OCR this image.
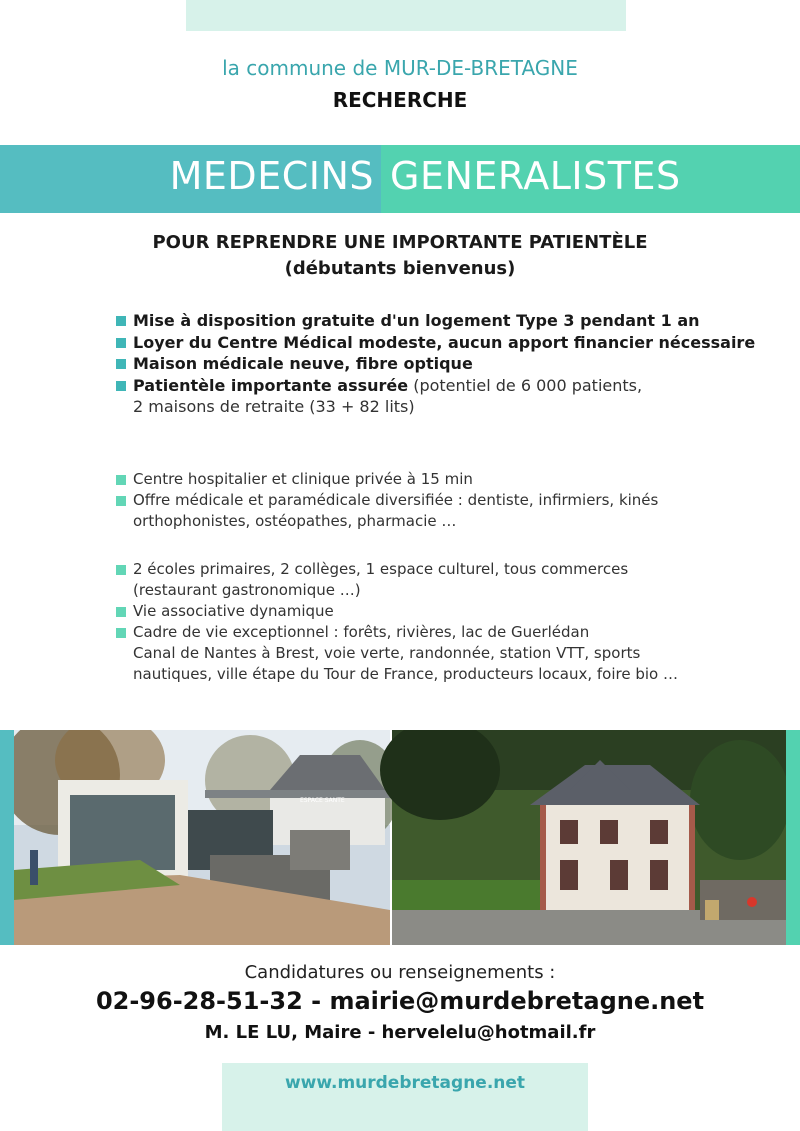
la commune de MUR-DE-BRETAGNE
RECHERCHE
MEDECINS GENERALISTES
POUR REPRENDRE UNE IMPORTANTE PATIENTÈLE
(débutants bienvenus)
Mise à disposition gratuite d'un logement Type 3 pendant 1 an
Loyer du Centre Médical modeste, aucun apport financier nécessaire
Maison médicale neuve, fibre optique
Patientèle importante assurée (potentiel de 6 000 patients,
2 maisons de retraite (33 + 82 lits)
Centre hospitalier et clinique privée à 15 min
Offre médicale et paramédicale diversifiée : dentiste, infirmiers, kinés
orthophonistes, ostéopathes, pharmacie …
2 écoles primaires, 2 collèges, 1 espace culturel, tous commerces
(restaurant gastronomique …)
Vie associative dynamique
Cadre de vie exceptionnel : forêts, rivières, lac de Guerlédan
Canal de Nantes à Brest, voie verte, randonnée, station VTT, sports
nautiques, ville étape du Tour de France, producteurs locaux, foire bio …
ESPACE SANTE
Candidatures ou renseignements :
02-96-28-51-32 - mairie@murdebretagne.net
M. LE LU, Maire - hervelelu@hotmail.fr
www.murdebretagne.net
